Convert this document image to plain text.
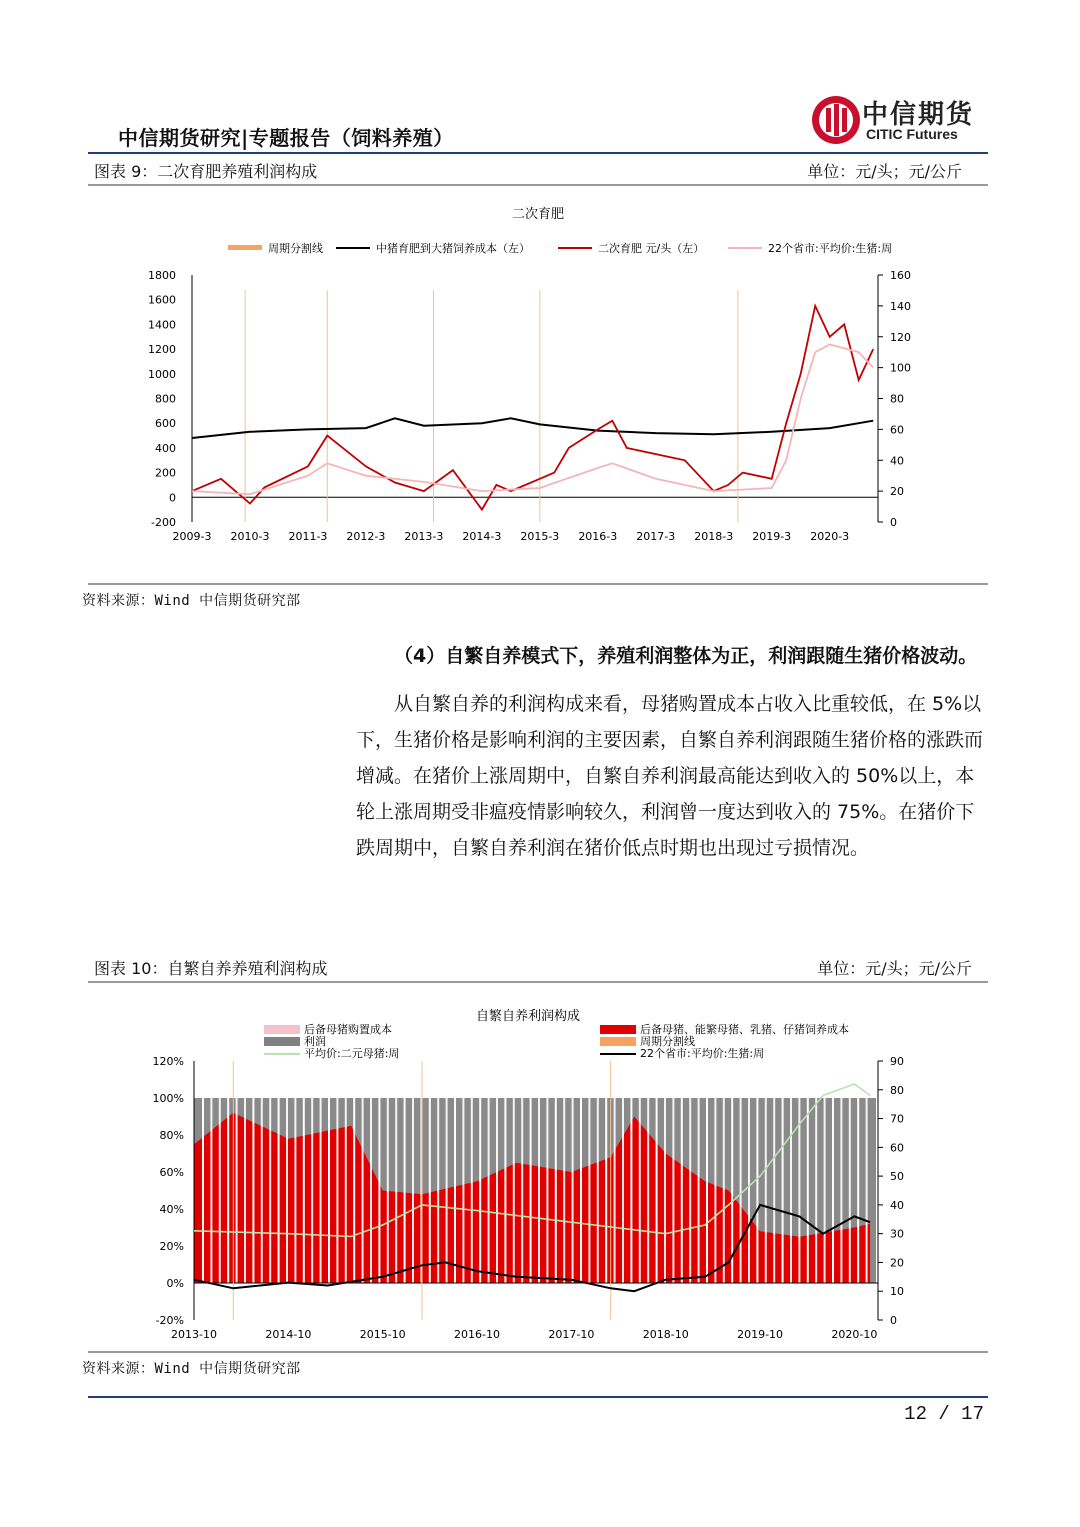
中信期货研究|专题报告（饲料养殖）
中信期货
CITIC Futures
图表 9：二次育肥养殖利润构成	单位：元/头；元/公斤
二次育肥
周期分割线	中猪育肥到大猪饲养成本（左）	二次育肥 元/头（左）	22个省市:平均价:生猪:周
-200
0
200
400
600
800
1000
1200
1400
1600
1800
0
20
40
60
80
100
120
140
160
2009-3 2010-3 2011-3 2012-3 2013-3 2014-3 2015-3 2016-3 2017-3 2018-3 2019-3 2020-3
资料来源：Wind 中信期货研究部

（4）自繁自养模式下，养殖利润整体为正，利润跟随生猪价格波动。

从自繁自养的利润构成来看，母猪购置成本占收入比重较低，在 5%以下，生猪价格是影响利润的主要因素，自繁自养利润跟随生猪价格的涨跌而增减。在猪价上涨周期中，自繁自养利润最高能达到收入的 50%以上，本轮上涨周期受非瘟疫情影响较久，利润曾一度达到收入的 75%。在猪价下跌周期中，自繁自养利润在猪价低点时期也出现过亏损情况。

图表 10：自繁自养养殖利润构成	单位：元/头；元/公斤
自繁自养利润构成
后备母猪购置成本	后备母猪、能繁母猪、乳猪、仔猪饲养成本
利润	周期分割线
平均价:二元母猪:周	22个省市:平均价:生猪:周
-20%
0%
20%
40%
60%
80%
100%
120%
0
10
20
30
40
50
60
70
80
90
2013-10	2014-10	2015-10	2016-10	2017-10	2018-10	2019-10	2020-10
资料来源：Wind 中信期货研究部
12 / 17
